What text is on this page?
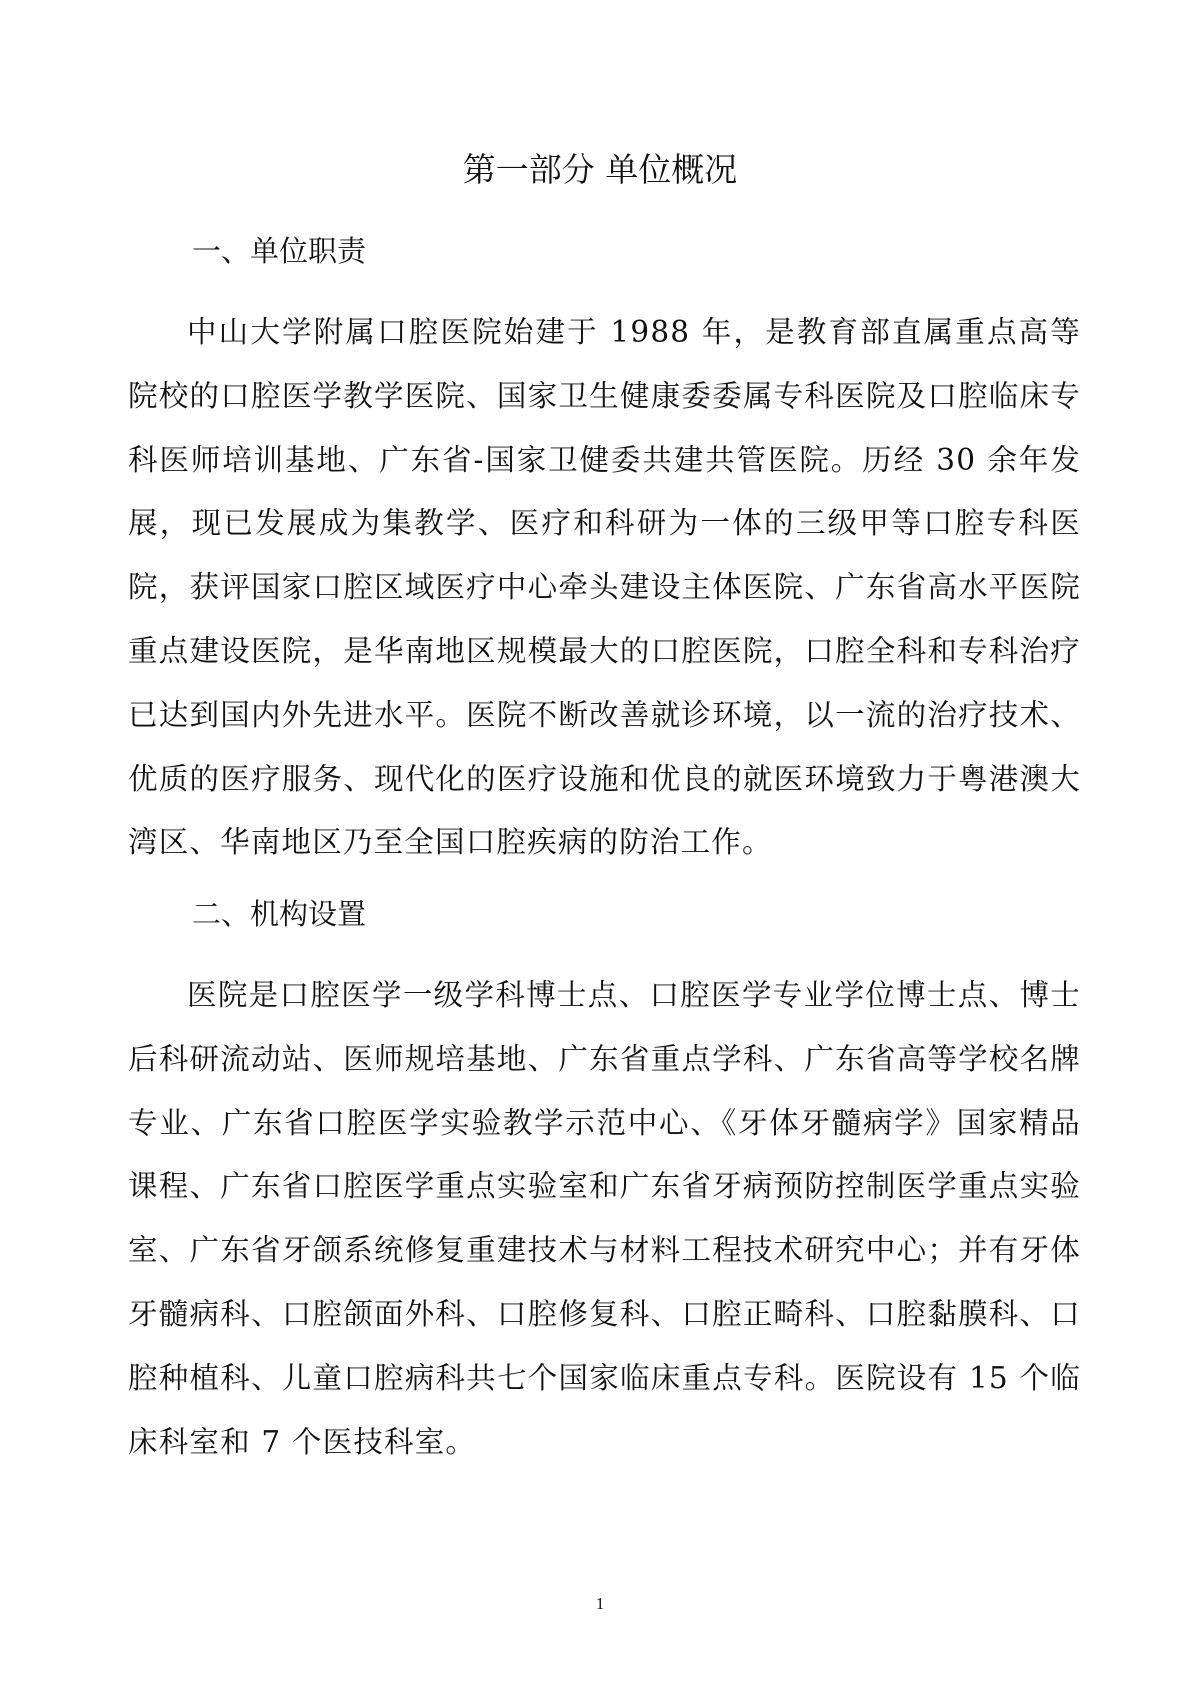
第一部分 单位概况
一、单位职责

中山大学附属口腔医院始建于 1988 年，是教育部直属重点高等院校的口腔医学教学医院、国家卫生健康委委属专科医院及口腔临床专科医师培训基地、广东省-国家卫健委共建共管医院。历经 30 余年发展，现已发展成为集教学、医疗和科研为一体的三级甲等口腔专科医院，获评国家口腔区域医疗中心牵头建设主体医院、广东省高水平医院重点建设医院，是华南地区规模最大的口腔医院，口腔全科和专科治疗已达到国内外先进水平。医院不断改善就诊环境，以一流的治疗技术、优质的医疗服务、现代化的医疗设施和优良的就医环境致力于粤港澳大湾区、华南地区乃至全国口腔疾病的防治工作。

二、机构设置

医院是口腔医学一级学科博士点、口腔医学专业学位博士点、博士后科研流动站、医师规培基地、广东省重点学科、广东省高等学校名牌专业、广东省口腔医学实验教学示范中心、《牙体牙髓病学》国家精品课程、广东省口腔医学重点实验室和广东省牙病预防控制医学重点实验室、广东省牙颌系统修复重建技术与材料工程技术研究中心；并有牙体牙髓病科、口腔颌面外科、口腔修复科、口腔正畸科、口腔黏膜科、口腔种植科、儿童口腔病科共七个国家临床重点专科。医院设有 15 个临床科室和 7 个医技科室。

1
